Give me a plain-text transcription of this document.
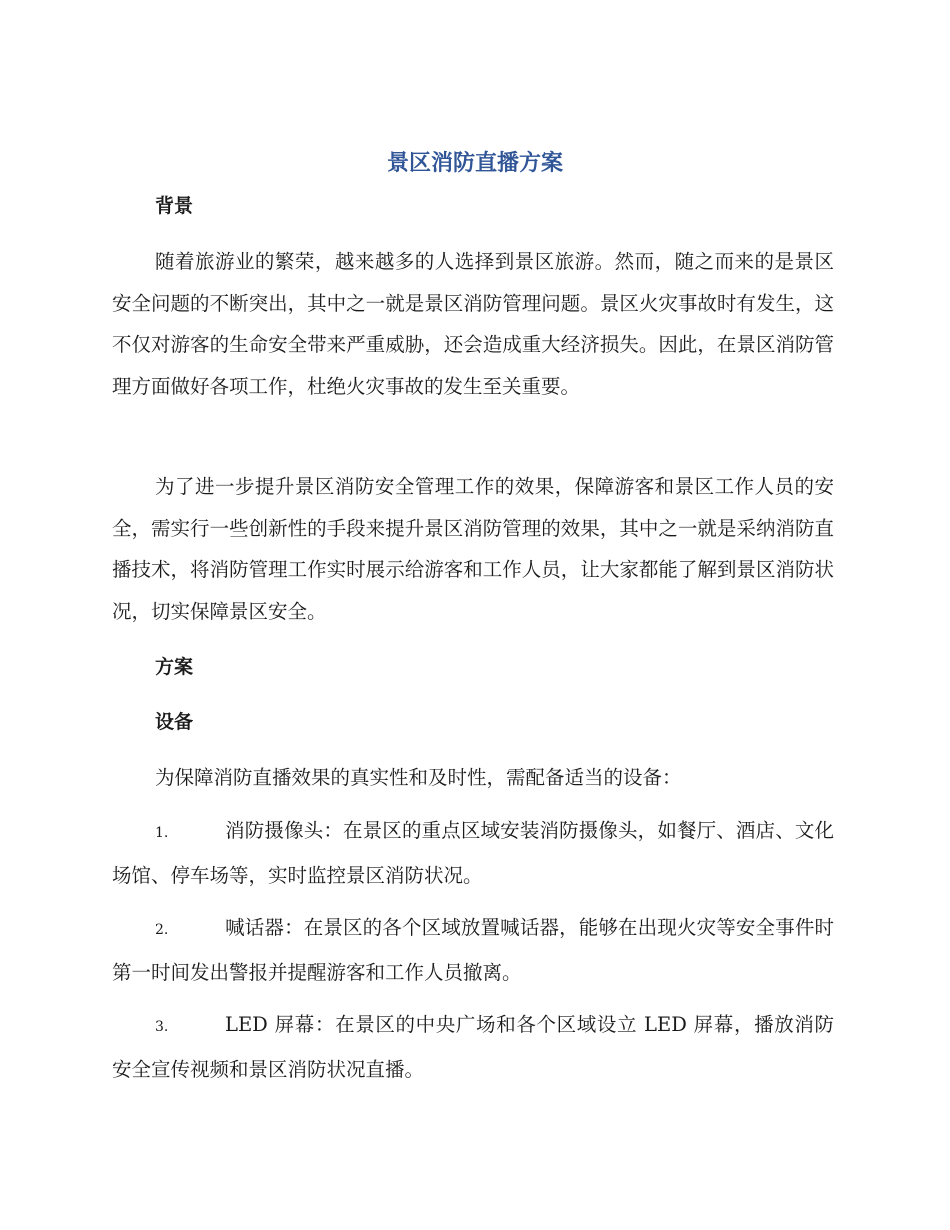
景区消防直播方案
背景

随着旅游业的繁荣，越来越多的人选择到景区旅游。然而，随之而来的是景区安全问题的不断突出，其中之一就是景区消防管理问题。景区火灾事故时有发生，这不仅对游客的生命安全带来严重威胁，还会造成重大经济损失。因此，在景区消防管理方面做好各项工作，杜绝火灾事故的发生至关重要。

为了进一步提升景区消防安全管理工作的效果，保障游客和景区工作人员的安全，需实行一些创新性的手段来提升景区消防管理的效果，其中之一就是采纳消防直播技术，将消防管理工作实时展示给游客和工作人员，让大家都能了解到景区消防状况，切实保障景区安全。

方案
设备

为保障消防直播效果的真实性和及时性，需配备适当的设备：

1.	消防摄像头：在景区的重点区域安装消防摄像头，如餐厅、酒店、文化场馆、停车场等，实时监控景区消防状况。

2.	喊话器：在景区的各个区域放置喊话器，能够在出现火灾等安全事件时第一时间发出警报并提醒游客和工作人员撤离。

3.	LED 屏幕：在景区的中央广场和各个区域设立 LED 屏幕，播放消防安全宣传视频和景区消防状况直播。
